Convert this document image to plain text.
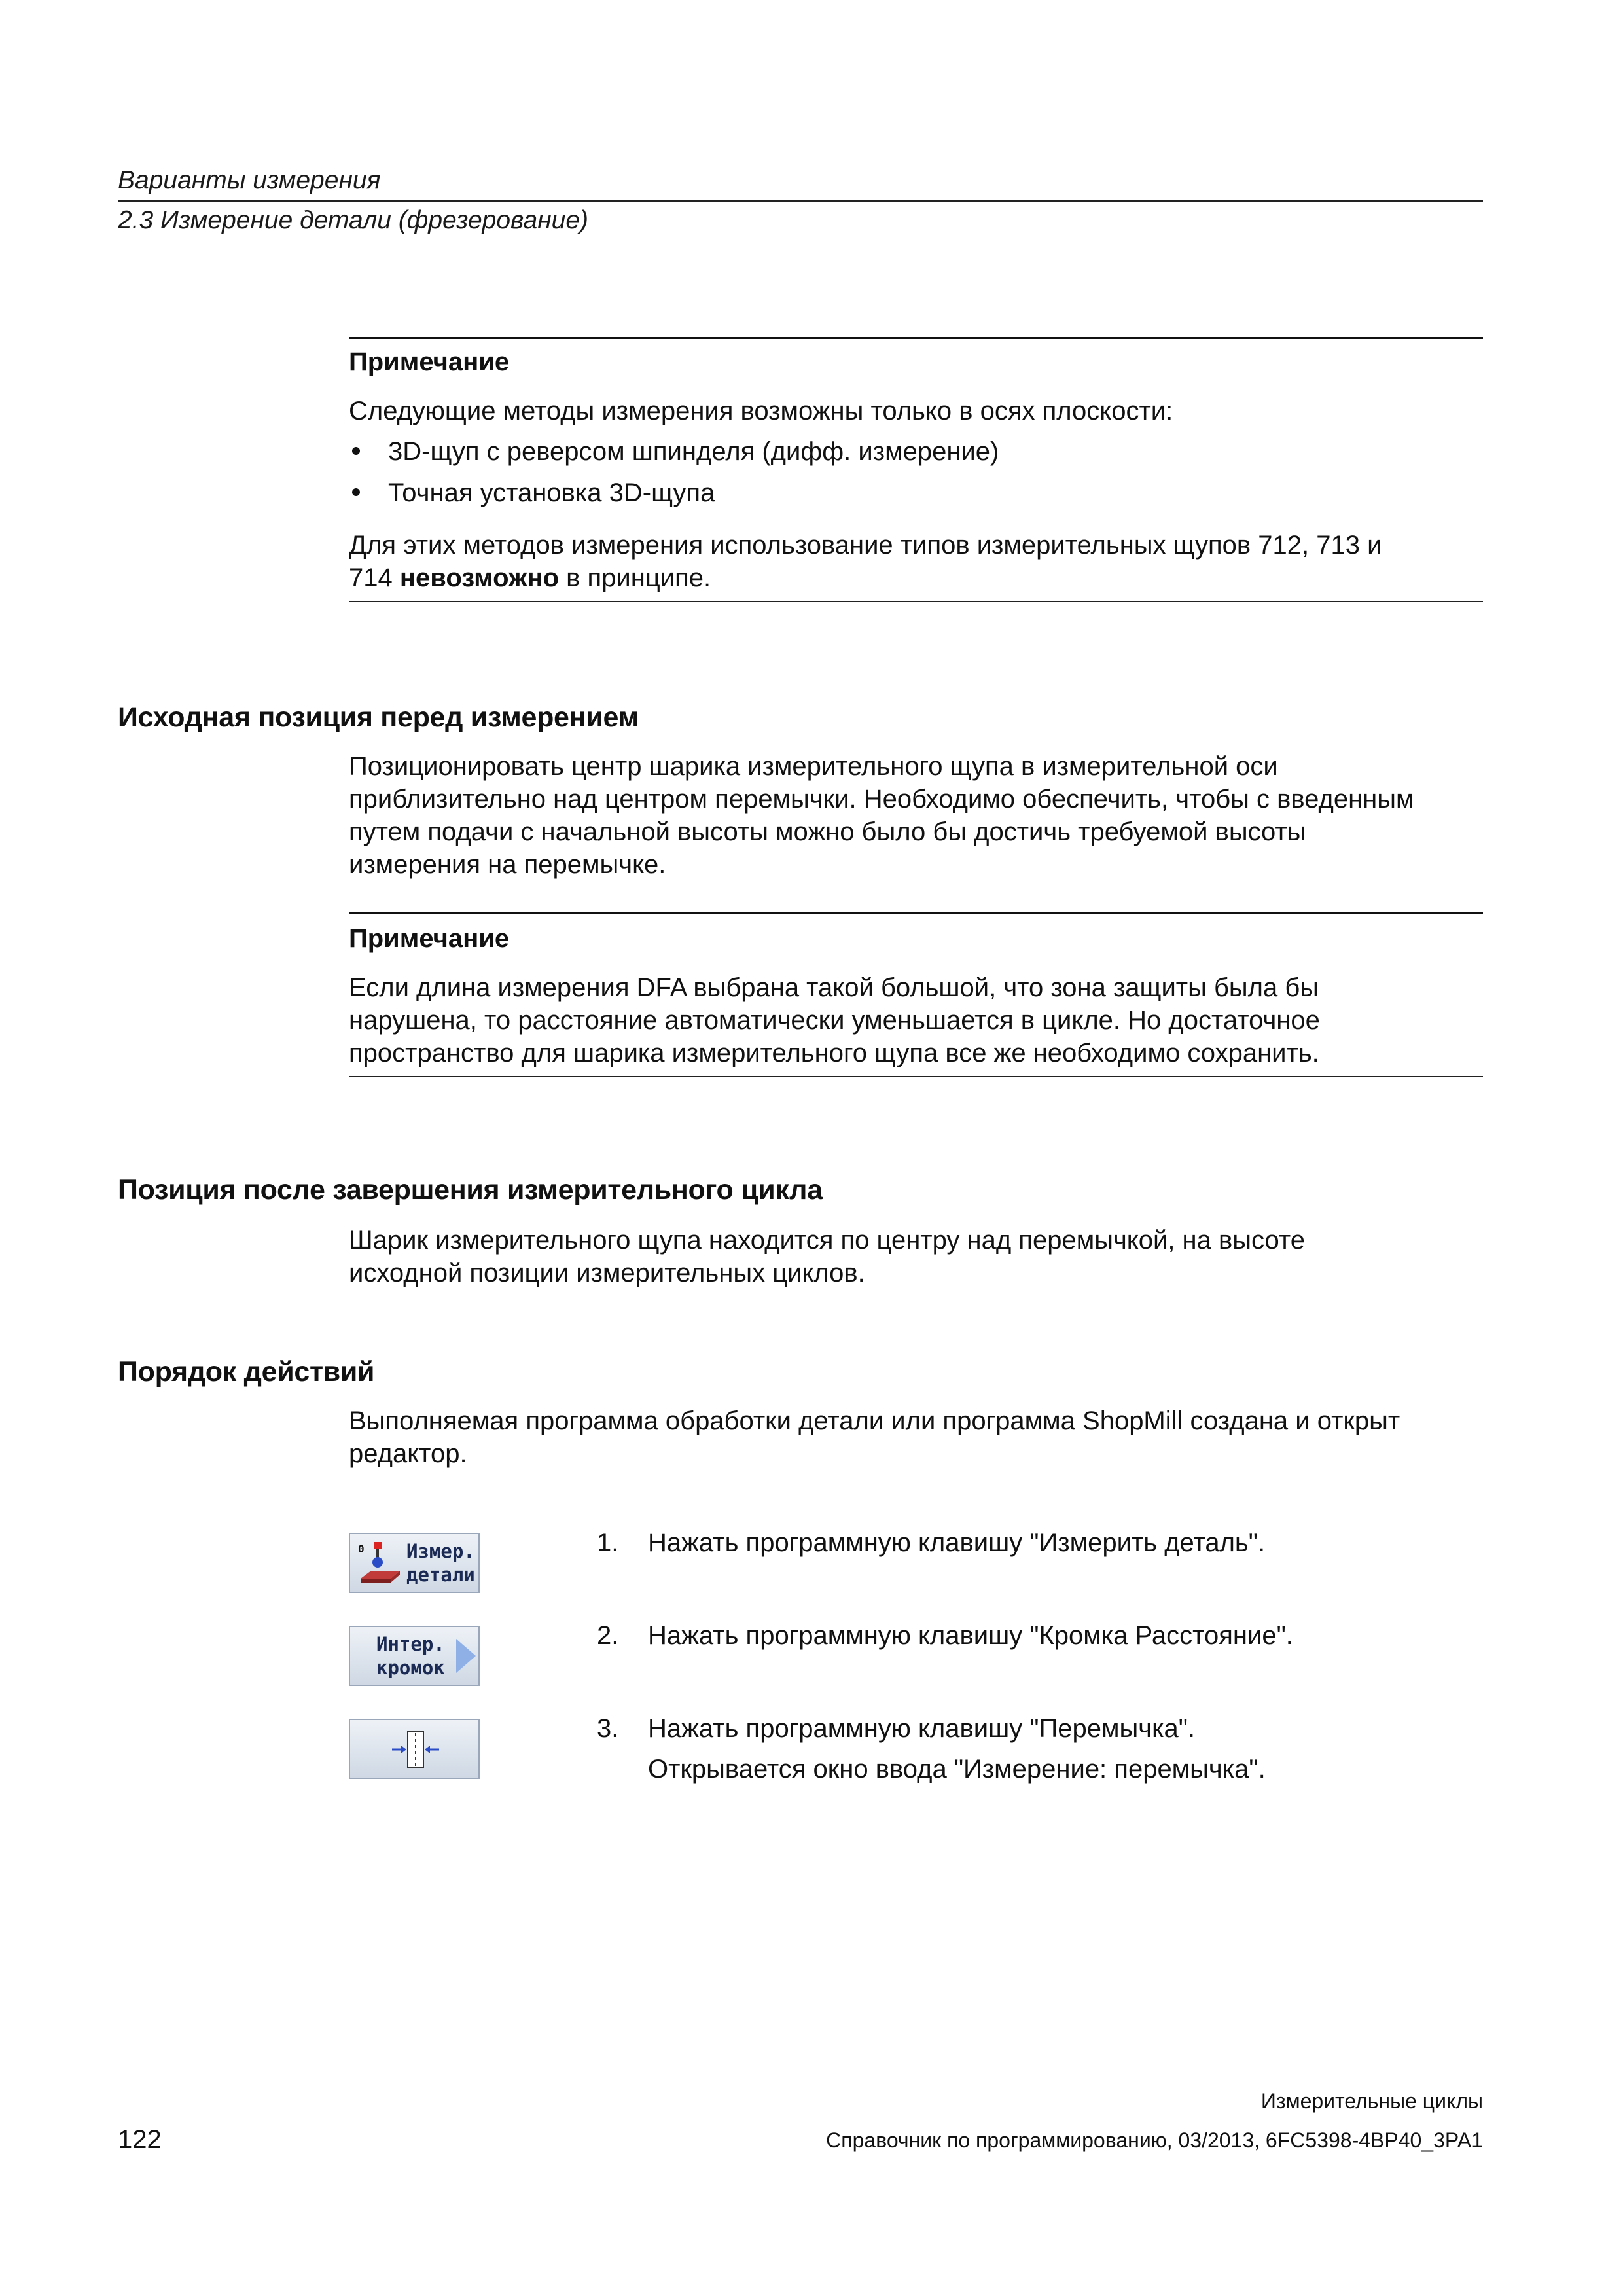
Варианты измерения
2.3 Измерение детали (фрезерование)
Примечание
Следующие методы измерения возможны только в осях плоскости:
3D-щуп с реверсом шпинделя (дифф. измерение)
Точная установка 3D-щупа
Для этих методов измерения использование типов измерительных щупов 712, 713 и
714 невозможно в принципе.
Исходная позиция перед измерением
Позиционировать центр шарика измерительного щупа в измерительной оси
приблизительно над центром перемычки. Необходимо обеспечить, чтобы с введенным
путем подачи с начальной высоты можно было бы достичь требуемой высоты
измерения на перемычке.
Примечание
Если длина измерения DFA выбрана такой большой, что зона защиты была бы
нарушена, то расстояние автоматически уменьшается в цикле. Но достаточное
пространство для шарика измерительного щупа все же необходимо сохранить.
Позиция после завершения измерительного цикла
Шарик измерительного щупа находится по центру над перемычкой, на высоте
исходной позиции измерительных циклов.
Порядок действий
Выполняемая программа обработки детали или программа ShopMill создана и открыт
редактор.
0 Измер.
детали
Интер.
кромок
1. Нажать программную клавишу "Измерить деталь".
2. Нажать программную клавишу "Кромка Расстояние".
3. Нажать программную клавишу "Перемычка".
Открывается окно ввода "Измерение: перемычка".
Измерительные циклы
122	Справочник по программированию, 03/2013, 6FC5398-4BP40_3PA1
